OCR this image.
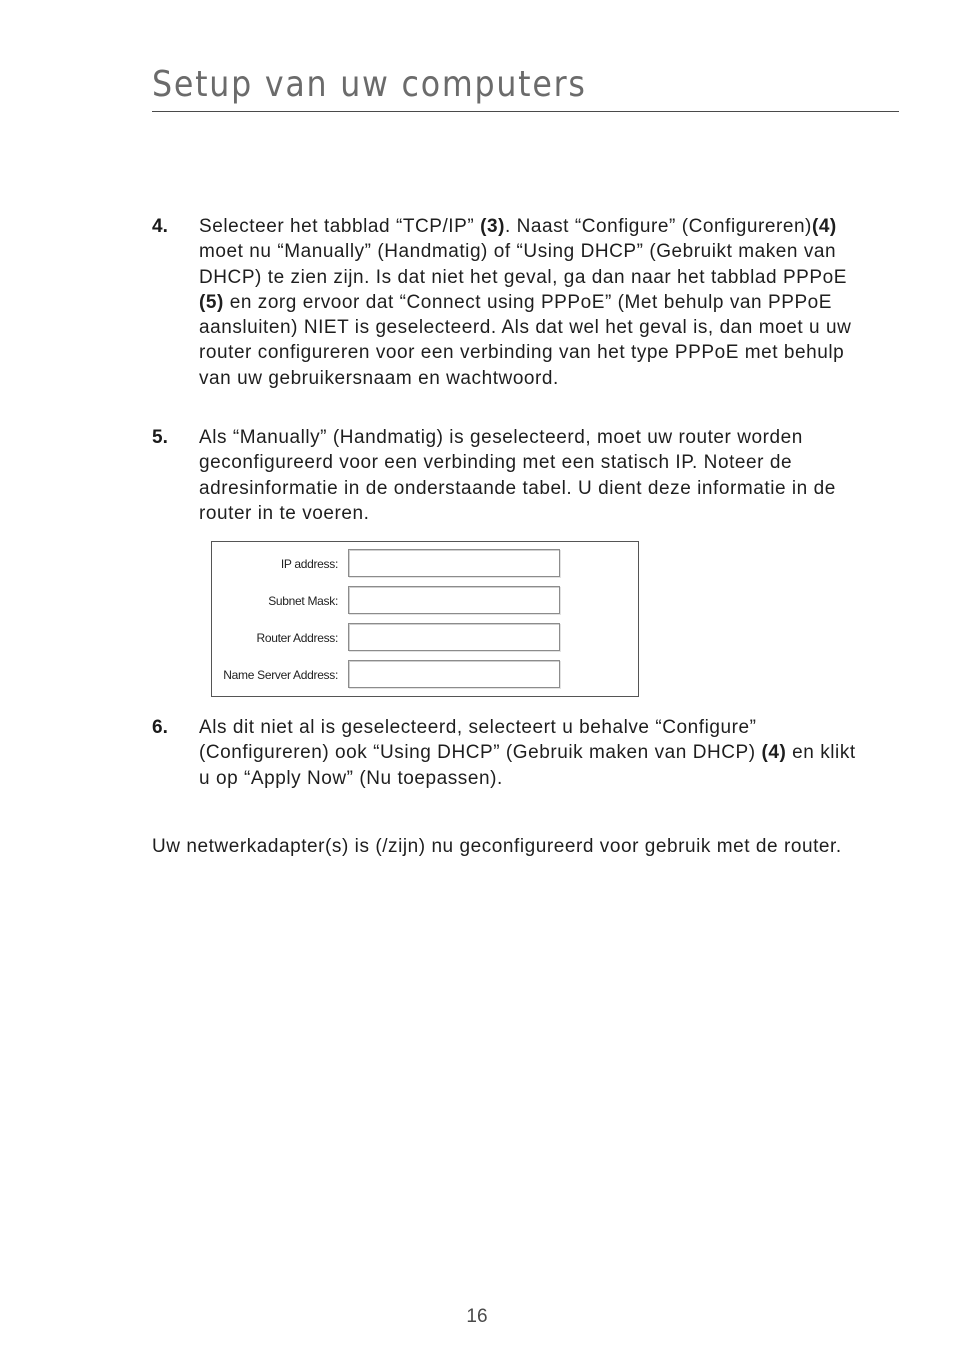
Setup van uw computers
4.	Selecteer het tabblad “TCP/IP” (3). Naast “Configure” (Configureren)(4) moet nu “Manually” (Handmatig) of “Using DHCP” (Gebruikt maken van DHCP) te zien zijn. Is dat niet het geval, ga dan naar het tabblad PPPoE (5) en zorg ervoor dat “Connect using PPPoE” (Met behulp van PPPoE aansluiten) NIET is geselecteerd. Als dat wel het geval is, dan moet u uw router configureren voor een verbinding van het type PPPoE met behulp van uw gebruikersnaam en wachtwoord.

5.	Als “Manually” (Handmatig) is geselecteerd, moet uw router worden geconfigureerd voor een verbinding met een statisch IP. Noteer de adresinformatie in de onderstaande tabel. U dient deze informatie in de router in te voeren.

IP address:
Subnet Mask:
Router Address:
Name Server Address:
6.	Als dit niet al is geselecteerd, selecteert u behalve “Configure” (Configureren) ook “Using DHCP” (Gebruik maken van DHCP) (4) en klikt u op “Apply Now” (Nu toepassen).

Uw netwerkadapter(s) is (/zijn) nu geconfigureerd voor gebruik met de router.

16
